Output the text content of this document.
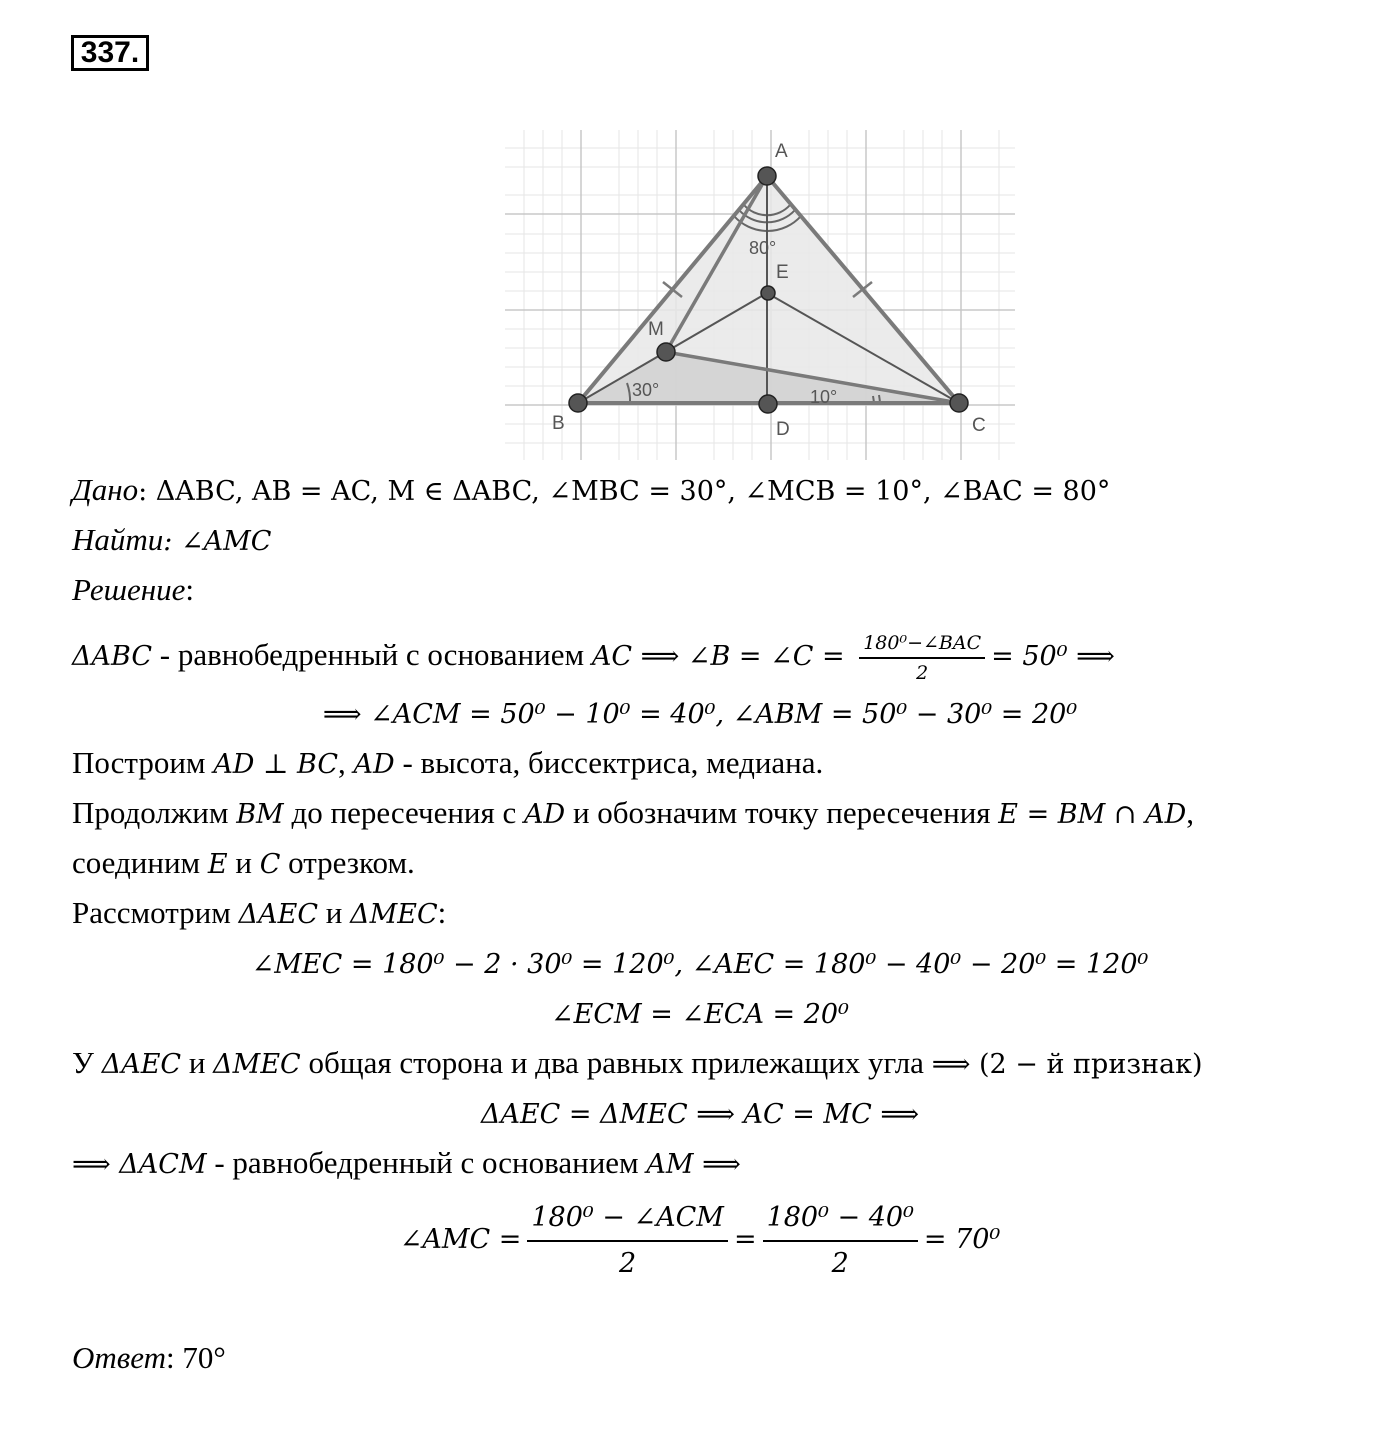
337.
A
B	C
D
E
M
80°
30°	10°
Дано: ΔABC, AB = AC, M ∈ ΔABC, ∠MBC = 30°, ∠MCB = 10°, ∠BAC = 80°
Найти: ∠AMC
Решение:
ΔABC - равнобедренный с основанием AC ⟹ ∠B = ∠C = $\frac{\text{180⁰−∠BAC}}{2} = 50^0$ ⟹
⟹ ∠ACM = 50⁰ − 10⁰ = 40⁰, ∠ABM = 50⁰ − 30⁰ = 20⁰
Построим AD ⊥ BC, AD - высота, биссектриса, медиана.
Продолжим BM до пересечения с AD и обозначим точку пересечения E = BM ∩ AD,
соединим E и C отрезком.
Рассмотрим ΔAEC и ΔMEC:
∠MEC = 180⁰ − 2 · 30⁰ = 120⁰, ∠AEC = 180⁰ − 40⁰ − 20⁰ = 120⁰
∠ECM = ∠ECA = 20⁰
У ΔAEC и ΔMEC общая сторона и два равных прилежащих угла ⟹ (2 − й признак)
ΔAEC = ΔMEC ⟹ AC = MC ⟹
⟹ ΔACM - равнобедренный с основанием AM ⟹
∠AMC = $\frac{\text{180⁰ − ∠ACM}}{2} = \frac{\text{180⁰ − 40⁰}}{2} = 70^0$
Ответ: 70°
